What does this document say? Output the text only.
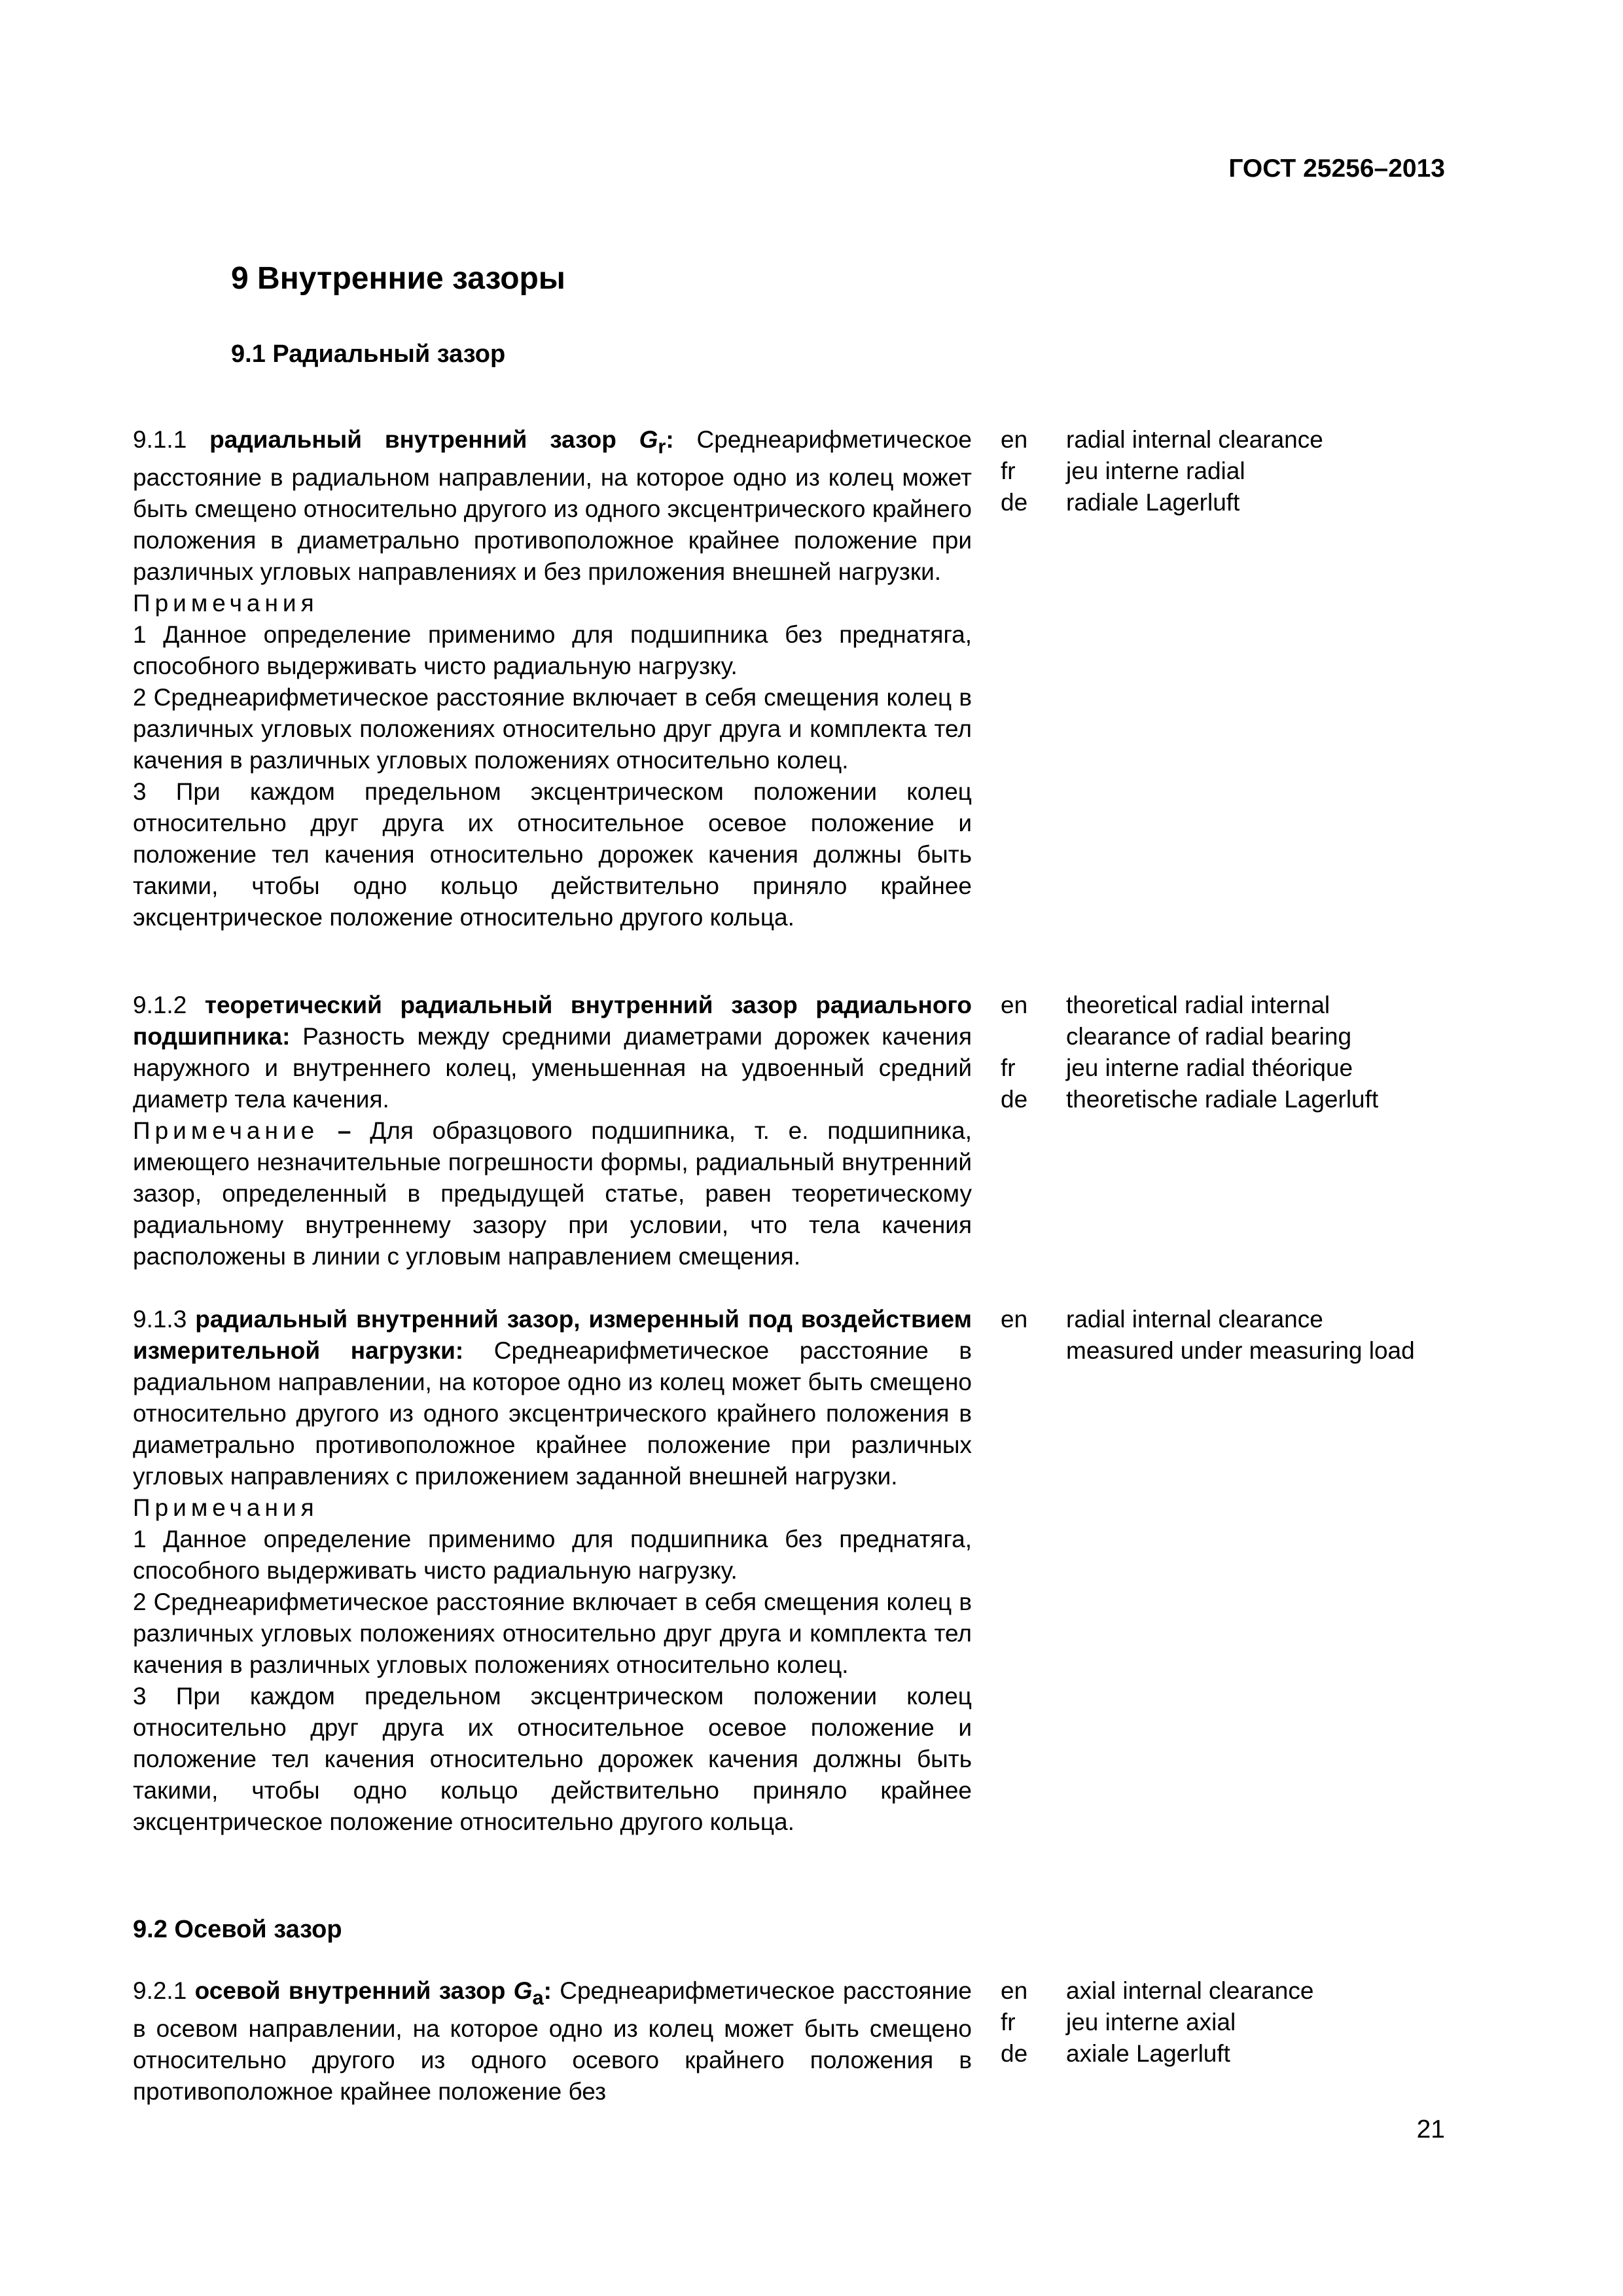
ГОСТ 25256–2013
9 Внутренние зазоры
9.1 Радиальный зазор

9.1.1 радиальный внутренний зазор $G_r$: Среднеарифметическое расстояние в радиальном направлении, на которое одно из колец может быть смещено относительно другого из одного эксцентрического крайнего положения в диаметрально противоположное крайнее положение при различных угловых направлениях и без приложения внешней нагрузки.

Примечания

1 Данное определение применимо для подшипника без преднатяга, способного выдерживать чисто радиальную нагрузку.

2 Среднеарифметическое расстояние включает в себя смещения колец в различных угловых положениях относительно друг друга и комплекта тел качения в различных угловых положениях относительно колец.

3 При каждом предельном эксцентрическом положении колец относительно друг друга их относительное осевое положение и положение тел качения относительно дорожек качения должны быть такими, чтобы одно кольцо действительно приняло крайнее эксцентрическое положение относительно другого кольца.

en
fr
de
radial internal clearance
jeu interne radial
radiale Lagerluft

9.1.2 теоретический радиальный внутренний зазор радиального подшипника: Разность между средними диаметрами дорожек качения наружного и внутреннего колец, уменьшенная на удвоенный средний диаметр тела качения.

Примечание – Для образцового подшипника, т. е. подшипника, имеющего незначительные погрешности формы, радиальный внутренний зазор, определенный в предыдущей статье, равен теоретическому радиальному внутреннему зазору при условии, что тела качения расположены в линии с угловым направлением смещения.

en
fr
de
theoretical radial internal clearance of radial bearing
jeu interne radial théorique
theoretische radiale Lagerluft

9.1.3 радиальный внутренний зазор, измеренный под воздействием измерительной нагрузки: Среднеарифметическое расстояние в радиальном направлении, на которое одно из колец может быть смещено относительно другого из одного эксцентрического крайнего положения в диаметрально противоположное крайнее положение при различных угловых направлениях с приложением заданной внешней нагрузки.

Примечания

1 Данное определение применимо для подшипника без преднатяга, способного выдерживать чисто радиальную нагрузку.

2 Среднеарифметическое расстояние включает в себя смещения колец в различных угловых положениях относительно друг друга и комплекта тел качения в различных угловых положениях относительно колец.

3 При каждом предельном эксцентрическом положении колец относительно друг друга их относительное осевое положение и положение тел качения относительно дорожек качения должны быть такими, чтобы одно кольцо действительно приняло крайнее эксцентрическое положение относительно другого кольца.

en	radial internal clearance measured under measuring load
9.2 Осевой зазор

9.2.1 осевой внутренний зазор $G_a$: Среднеарифметическое расстояние в осевом направлении, на которое одно из колец может быть смещено относительно другого из одного осевого крайнего положения в противоположное крайнее положение без

en
fr
de
axial internal clearance
jeu interne axial
axiale Lagerluft
21
